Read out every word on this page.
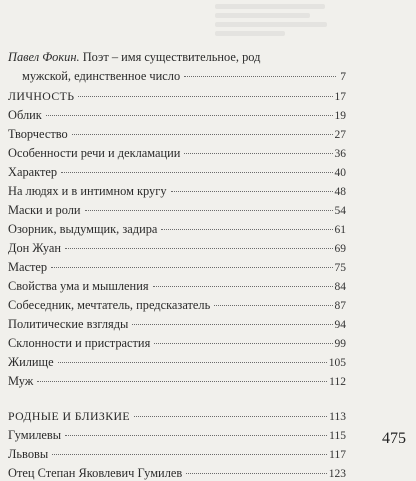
Павел Фокин. Поэт – имя существительное, род
мужской, единственное число	7
ЛИЧНОСТЬ	17
Облик	19
Творчество	27
Особенности речи и декламации	36
Характер	40
На людях и в интимном кругу	48
Маски и роли	54
Озорник, выдумщик, задира	61
Дон Жуан	69
Мастер	75
Свойства ума и мышления	84
Собеседник, мечтатель, предсказатель	87
Политические взгляды	94
Склонности и пристрастия	99
Жилище	105
Муж	112
РОДНЫЕ И БЛИЗКИЕ	113
Гумилевы	115
Львовы	117
Отец Степан Яковлевич Гумилев	123
475
